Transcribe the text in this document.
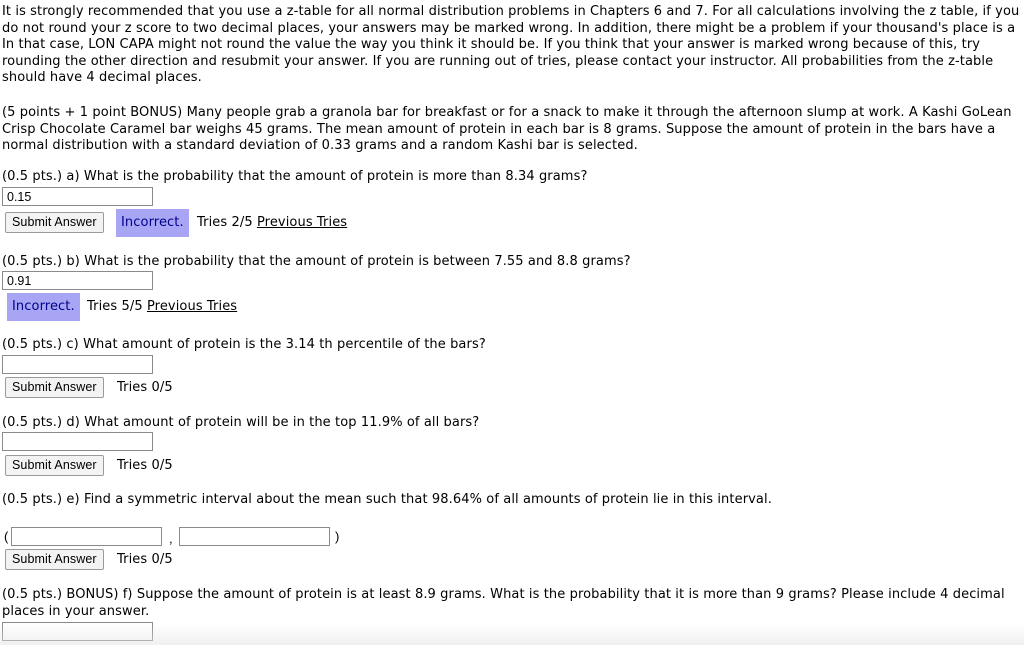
It is strongly recommended that you use a z-table for all normal distribution problems in Chapters 6 and 7. For all calculations involving the z table, if you
do not round your z score to two decimal places, your answers may be marked wrong. In addition, there might be a problem if your thousand's place is a
In that case, LON CAPA might not round the value the way you think it should be. If you think that your answer is marked wrong because of this, try
rounding the other direction and resubmit your answer. If you are running out of tries, please contact your instructor. All probabilities from the z-table
should have 4 decimal places.
(5 points + 1 point BONUS) Many people grab a granola bar for breakfast or for a snack to make it through the afternoon slump at work. A Kashi GoLean
Crisp Chocolate Caramel bar weighs 45 grams. The mean amount of protein in each bar is 8 grams. Suppose the amount of protein in the bars have a
normal distribution with a standard deviation of 0.33 grams and a random Kashi bar is selected.
(0.5 pts.) a) What is the probability that the amount of protein is more than 8.34 grams?
0.15
Submit Answer	Incorrect.	Tries 2/5 Previous Tries
(0.5 pts.) b) What is the probability that the amount of protein is between 7.55 and 8.8 grams?
0.91
Incorrect. Tries 5/5 Previous Tries
(0.5 pts.) c) What amount of protein is the 3.14 th percentile of the bars?
Submit Answer	Tries 0/5
(0.5 pts.) d) What amount of protein will be in the top 11.9% of all bars?
Submit Answer	Tries 0/5
(0.5 pts.) e) Find a symmetric interval about the mean such that 98.64% of all amounts of protein lie in this interval.
(	,	)
Submit Answer	Tries 0/5
(0.5 pts.) BONUS) f) Suppose the amount of protein is at least 8.9 grams. What is the probability that it is more than 9 grams? Please include 4 decimal
places in your answer.
